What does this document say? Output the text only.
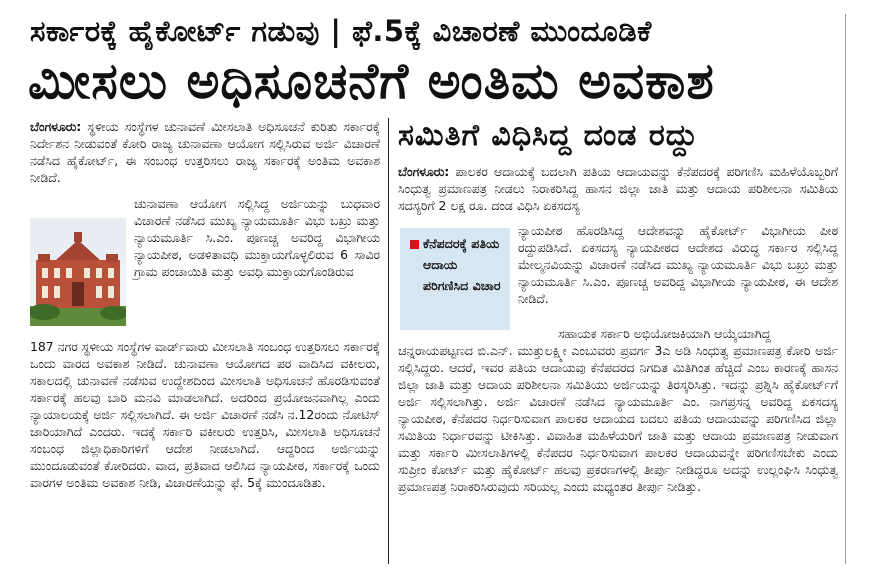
ಸರ್ಕಾರಕ್ಕೆ ಹೈಕೋರ್ಟ್ ಗಡುವು | ಫೆ.5ಕ್ಕೆ ವಿಚಾರಣೆ ಮುಂದೂಡಿಕೆ
ಮೀಸಲು ಅಧಿಸೂಚನೆಗೆ ಅಂತಿಮ ಅವಕಾಶ
ಬೆಂಗಳೂರು: ಸ್ಥಳೀಯ ಸಂಸ್ಥೆಗಳ ಚುನಾವಣೆ ಮೀಸಲಾತಿ ಅಧಿಸೂಚನೆ ಕುರಿತು ಸರ್ಕಾರಕ್ಕೆ ನಿರ್ದೇಶನ ನೀಡುವಂತೆ ಕೋರಿ ರಾಜ್ಯ ಚುನಾವಣಾ ಆಯೋಗ ಸಲ್ಲಿಸಿರುವ ಅರ್ಜಿ ವಿಚಾರಣೆ ನಡೆಸಿದ ಹೈಕೋರ್ಟ್, ಈ ಸಂಬಂಧ ಉತ್ತರಿಸಲು ರಾಜ್ಯ ಸರ್ಕಾರಕ್ಕೆ ಅಂತಿಮ ಅವಕಾಶ ನೀಡಿದೆ.
ಚುನಾವಣಾ ಆಯೋಗ ಸಲ್ಲಿಸಿದ್ದ ಅರ್ಜಿಯನ್ನು ಬುಧವಾರ ವಿಚಾರಣೆ ನಡೆಸಿದ ಮುಖ್ಯ ನ್ಯಾಯಮೂರ್ತಿ ವಿಭು ಬಖ್ರು ಮತ್ತು ನ್ಯಾಯಮೂರ್ತಿ ಸಿ.ಎಂ. ಪೂಣಚ್ಚ ಅವರಿದ್ದ ವಿಭಾಗೀಯ ನ್ಯಾಯಪೀಠ, ಅಡಳಿತಾವಧಿ ಮುಕ್ತಾಯಗೊಳ್ಳಲಿರುವ 6 ಸಾವಿರ ಗ್ರಾಮ ಪಂಚಾಯಿತಿ ಮತ್ತು ಅವಧಿ ಮುಕ್ತಾಯಗೊಂಡಿರುವ
187 ನಗರ ಸ್ಥಳೀಯ ಸಂಸ್ಥೆಗಳ ವಾರ್ಡ್‌ವಾರು ಮೀಸಲಾತಿ ಸಂಬಂಧ ಉತ್ತರಿಸಲು ಸರ್ಕಾರಕ್ಕೆ ಒಂದು ವಾರದ ಅವಕಾಶ ನೀಡಿದೆ. ಚುನಾವಣಾ ಆಯೋಗದ ಪರ ವಾದಿಸಿದ ವಕೀಲರು, ಸಕಾಲದಲ್ಲಿ ಚುನಾವಣೆ ನಡೆಸುವ ಉದ್ದೇಶದಿಂದ ಮೀಸಲಾತಿ ಅಧಿಸೂಚನೆ ಹೊರಡಿಸುವಂತೆ ಸರ್ಕಾರಕ್ಕೆ ಹಲವು ಬಾರಿ ಮನವಿ ಮಾಡಲಾಗಿದೆ. ಅದರಿಂದ ಪ್ರಯೋಜನವಾಗಿಲ್ಲ ಎಂದು ನ್ಯಾಯಾಲಯಕ್ಕೆ ಅರ್ಜಿ ಸಲ್ಲಿಸಲಾಗಿದೆ. ಈ ಅರ್ಜಿ ವಿಚಾರಣೆ ನಡೆಸಿ ನ.12ರಂದು ನೋಟಿಸ್ ಜಾರಿಯಾಗಿದೆ ಎಂದರು. ಇದಕ್ಕೆ ಸರ್ಕಾರಿ ವಕೀಲರು ಉತ್ತರಿಸಿ, ಮೀಸಲಾತಿ ಅಧಿಸೂಚನೆ ಸಂಬಂಧ ಜಿಲ್ಲಾಧಿಕಾರಿಗಳಿಗೆ ಆದೇಶ ನೀಡಲಾಗಿದೆ. ಆದ್ದರಿಂದ ಅರ್ಜಿಯನ್ನು ಮುಂದೂಡುವಂತೆ ಕೋರಿದರು. ವಾದ, ಪ್ರತಿವಾದ ಆಲಿಸಿದ ನ್ಯಾಯಪೀಠ, ಸರ್ಕಾರಕ್ಕೆ ಒಂದು ವಾರಗಳ ಅಂತಿಮ ಅವಕಾಶ ನೀಡಿ, ವಿಚಾರಣೆಯನ್ನು ಫೆ. 5ಕ್ಕೆ ಮುಂದೂಡಿತು.
ಸಮಿತಿಗೆ ವಿಧಿಸಿದ್ದ ದಂಡ ರದ್ದು
ಬೆಂಗಳೂರು: ಪಾಲಕರ ಆದಾಯಕ್ಕೆ ಬದಲಾಗಿ ಪತಿಯ ಆದಾಯವನ್ನು ಕೆನೆಪದರಕ್ಕೆ ಪರಿಗಣಿಸಿ ಮಹಿಳೆಯೊಬ್ಬರಿಗೆ ಸಿಂಧುತ್ವ ಪ್ರಮಾಣಪತ್ರ ನೀಡಲು ನಿರಾಕರಿಸಿದ್ದ ಹಾಸನ ಜಿಲ್ಲಾ ಜಾತಿ ಮತ್ತು ಆದಾಯ ಪರಿಶೀಲನಾ ಸಮಿತಿಯ ಸದಸ್ಯರಿಗೆ 2 ಲಕ್ಷ ರೂ. ದಂಡ ವಿಧಿಸಿ ಏಕಸದಸ್ಯ
ಕೆನೆಪದರಕ್ಕೆ ಪತಿಯ ಆದಾಯ ಪರಿಗಣಿಸಿದ ವಿಚಾರ
ನ್ಯಾಯಪೀಠ ಹೊರಡಿಸಿದ್ದ ಆದೇಶವನ್ನು ಹೈಕೋರ್ಟ್ ವಿಭಾಗೀಯ ಪೀಠ ರದ್ದುಪಡಿಸಿದೆ. ಏಕಸದಸ್ಯ ನ್ಯಾಯಪೀಠದ ಆದೇಶದ ವಿರುದ್ಧ ಸರ್ಕಾರ ಸಲ್ಲಿಸಿದ್ದ ಮೇಲ್ಮನವಿಯನ್ನು ವಿಚಾರಣೆ ನಡೆಸಿದ ಮುಖ್ಯ ನ್ಯಾಯಮೂರ್ತಿ ವಿಭು ಬಖ್ರು ಮತ್ತು ನ್ಯಾಯಮೂರ್ತಿ ಸಿ.ಎಂ. ಪೂಣಚ್ಚ ಅವರಿದ್ದ ವಿಭಾಗೀಯ ನ್ಯಾಯಪೀಠ, ಈ ಆದೇಶ ನೀಡಿದೆ.
ಸಹಾಯಕ ಸರ್ಕಾರಿ ಅಭಿಯೋಜಕಿಯಾಗಿ ಆಯ್ಕೆಯಾಗಿದ್ದ
ಚನ್ನರಾಯಪಟ್ಟಣದ ಬಿ.ಎನ್. ಮುತ್ತುಲಕ್ಷ್ಮೀ ಎಂಬುವರು ಪ್ರವರ್ಗ 3ಎ ಅಡಿ ಸಿಂಧುತ್ವ ಪ್ರಮಾಣಪತ್ರ ಕೋರಿ ಅರ್ಜಿ ಸಲ್ಲಿಸಿದ್ದರು. ಆದರೆ, ಇವರ ಪತಿಯ ಆದಾಯವು ಕೆನೆಪದರದ ನಿಗದಿತ ಮಿತಿಗಿಂತ ಹೆಚ್ಚಿದೆ ಎಂಬ ಕಾರಣಕ್ಕೆ ಹಾಸನ ಜಿಲ್ಲಾ ಜಾತಿ ಮತ್ತು ಆದಾಯ ಪರಿಶೀಲನಾ ಸಮಿತಿಯು ಅರ್ಜಿಯನ್ನು ತಿರಸ್ಕರಿಸಿತ್ತು. ಇದನ್ನು ಪ್ರಶ್ನಿಸಿ ಹೈಕೋರ್ಟ್‌ಗೆ ಅರ್ಜಿ ಸಲ್ಲಿಸಲಾಗಿತ್ತು. ಅರ್ಜಿ ವಿಚಾರಣೆ ನಡೆಸಿದ ನ್ಯಾಯಮೂರ್ತಿ ಎಂ. ನಾಗಪ್ರಸನ್ನ ಅವರಿದ್ದ ಏಕಸದಸ್ಯ ನ್ಯಾಯಪೀಠ, ಕೆನೆಪದರ ನಿರ್ಧರಿಸುವಾಗ ಪಾಲಕರ ಆದಾಯದ ಬದಲು ಪತಿಯ ಆದಾಯವನ್ನು ಪರಿಗಣಿಸಿದ ಜಿಲ್ಲಾ ಸಮಿತಿಯ ನಿರ್ಧಾರವನ್ನು ಟೀಕಿಸಿತ್ತು. ವಿವಾಹಿತ ಮಹಿಳೆಯರಿಗೆ ಜಾತಿ ಮತ್ತು ಆದಾಯ ಪ್ರಮಾಣಪತ್ರ ನೀಡುವಾಗ ಮತ್ತು ಸರ್ಕಾರಿ ಮೀಸಲಾತಿಗಳಲ್ಲಿ ಕೆನೆಪದರ ನಿರ್ಧರಿಸುವಾಗ ಪಾಲಕರ ಆದಾಯವನ್ನೇ ಪರಿಗಣಿಸಬೇಕು ಎಂದು ಸುಪ್ರೀಂ ಕೋರ್ಟ್ ಮತ್ತು ಹೈಕೋರ್ಟ್ ಹಲವು ಪ್ರಕರಣಗಳಲ್ಲಿ ತೀರ್ಪು ನೀಡಿದ್ದರೂ ಅದನ್ನು ಉಲ್ಲಂಘಿಸಿ ಸಿಂಧುತ್ವ ಪ್ರಮಾಣಪತ್ರ ನಿರಾಕರಿಸಿರುವುದು ಸರಿಯಲ್ಲ ಎಂದು ಮಧ್ಯಂತರ ತೀರ್ಪು ನೀಡಿತ್ತು.
